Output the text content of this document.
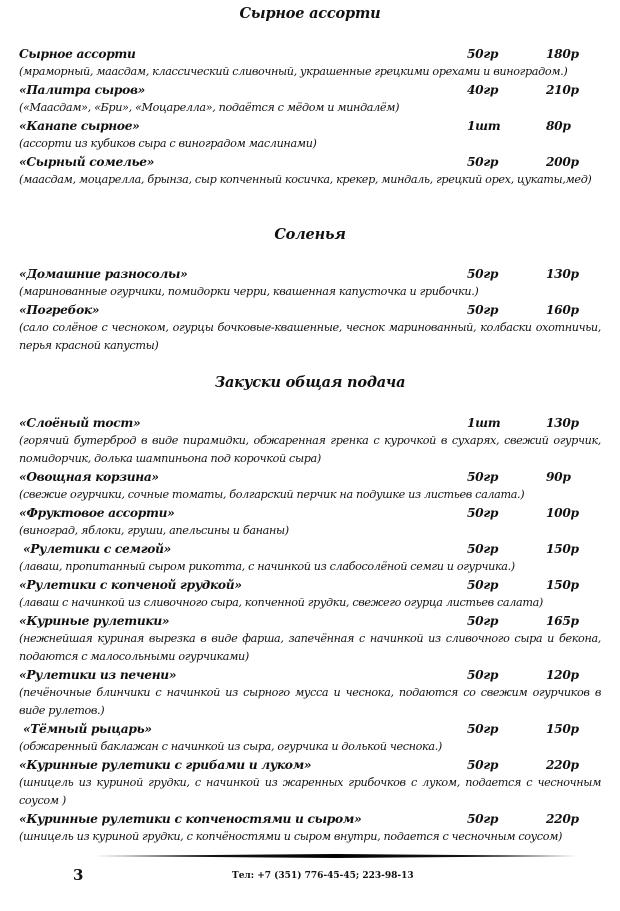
Сырное ассорти
Сырное ассорти	50гр	180р
(мраморный, маасдам, классический сливочный, украшенные грецкими орехами и виноградом.)
«Палитра сыров»	40гр	210р
(«Маасдам», «Бри», «Моцарелла», подаётся с мёдом и миндалём)
«Канапе сырное»	1шт	80р
(ассорти из кубиков сыра с виноградом маслинами)
«Сырный сомелье»	50гр	200р
(маасдам, моцарелла, брынза, сыр копченный косичка, крекер, миндаль, грецкий орех, цукаты,мед)
Соленья
«Домашние разносолы»	50гр	130р
(маринованные огурчики, помидорки черри, квашенная капусточка и грибочки.)
«Погребок»	50гр	160р
(сало солёное с чесноком, огурцы бочковые-квашенные, чеснок маринованный, колбаски охотничьи, перья красной капусты)
Закуски общая подача
«Слоёный тост»	1шт	130р
(горячий бутерброд в виде пирамидки, обжаренная гренка с курочкой в сухарях, свежий огурчик, помидорчик, долька шампиньона под корочкой сыра)
«Овощная корзина»	50гр	90р
(свежие огурчики, сочные томаты, болгарский перчик на подушке из листьев салата.)
«Фруктовое ассорти»	50гр	100р
(виноград, яблоки, груши, апельсины и бананы)
«Рулетики с семгой»	50гр	150р
(лаваш, пропитанный сыром рикотта, с начинкой из слабосолёной семги и огурчика.)
«Рулетики с копченой грудкой»	50гр	150р
(лаваш с начинкой из сливочного сыра, копченной грудки, свежего огурца листьев салата)
«Куриные рулетики»	50гр	165р
(нежнейшая куриная вырезка в виде фарша, запечённая с начинкой из сливочного сыра и бекона, подаются с малосольными огурчиками)
«Рулетики из печени»	50гр	120р
(печёночные блинчики с начинкой из сырного мусса и чеснока, подаются со свежим огурчиков в виде рулетов.)
«Тёмный рыцарь»	50гр	150р
(обжаренный баклажан с начинкой из сыра, огурчика и долькой чеснока.)
«Куринные рулетики с грибами и луком»	50гр	220р
(шницель из куриной грудки, с начинкой из жаренных грибочков с луком, подается с чесночным соусом )
«Куринные рулетики с копченостями и сыром»	50гр	220р
(шницель из куриной грудки, с копчёностями и сыром внутри, подается с чесночным соусом)
3	Тел: +7 (351) 776-45-45; 223-98-13
